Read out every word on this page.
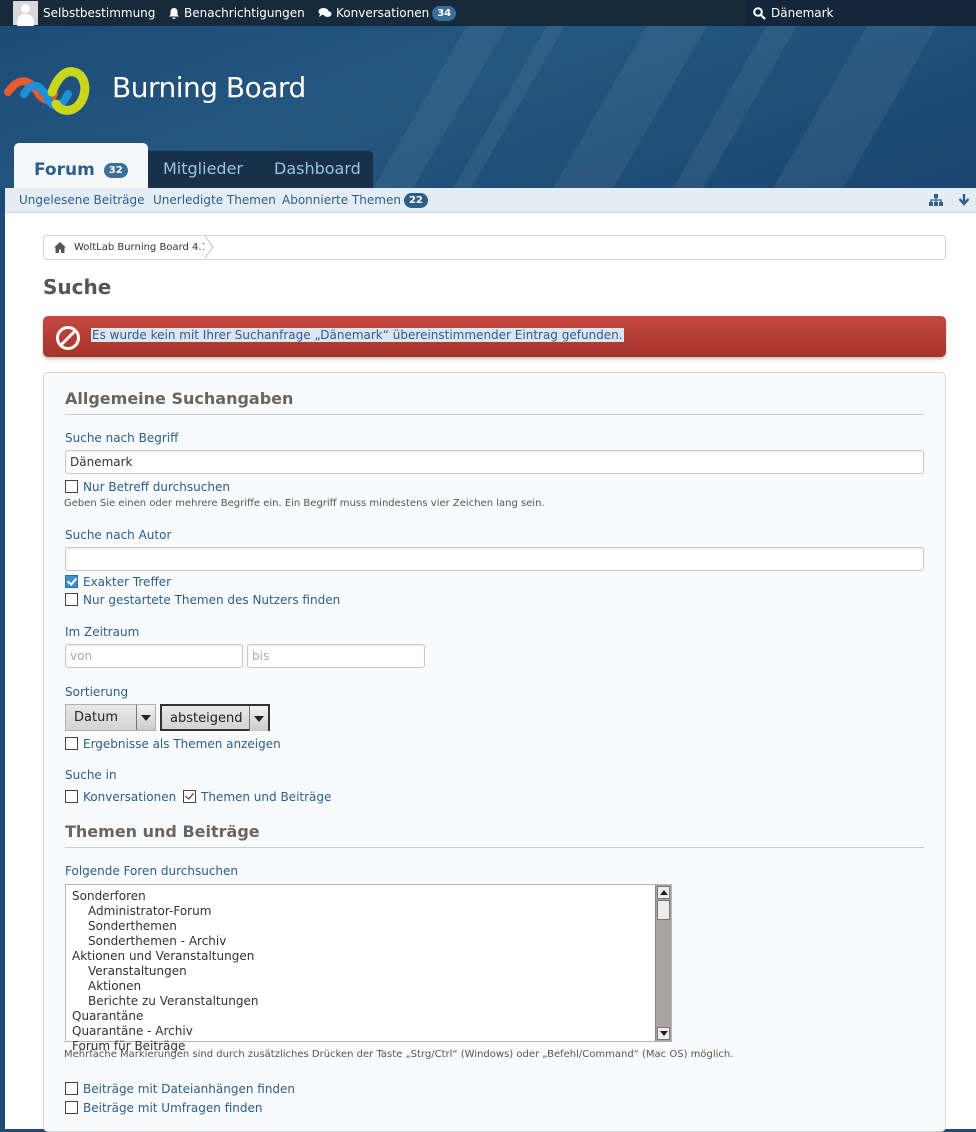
Selbstbestimmung	Benachrichtigungen	Konversationen 34	Dänemark
Burning Board
Forum 32	Mitglieder Dashboard
Ungelesene Beiträge Unerledigte Themen Abonnierte Themen 22
WoltLab Burning Board 4.1
Suche
Es wurde kein mit Ihrer Suchanfrage „Dänemark“ übereinstimmender Eintrag gefunden.
Allgemeine Suchangaben
Suche nach Begriff
Dänemark
Nur Betreff durchsuchen
Geben Sie einen oder mehrere Begriffe ein. Ein Begriff muss mindestens vier Zeichen lang sein.
Suche nach Autor
Exakter Treffer
Nur gestartete Themen des Nutzers finden
Im Zeitraum
von	bis
Sortierung
Datum	absteigend
Ergebnisse als Themen anzeigen
Suche in
Konversationen	Themen und Beiträge
Themen und Beiträge
Folgende Foren durchsuchen
Sonderforen
Administrator-Forum
Sonderthemen
Sonderthemen - Archiv
Aktionen und Veranstaltungen
Veranstaltungen
Aktionen
Berichte zu Veranstaltungen
Quarantäne
Quarantäne - Archiv
Forum für Beiträge
Mehrfache Markierungen sind durch zusätzliches Drücken der Taste „Strg/Ctrl“ (Windows) oder „Befehl/Command“ (Mac OS) möglich.
Beiträge mit Dateianhängen finden
Beiträge mit Umfragen finden
